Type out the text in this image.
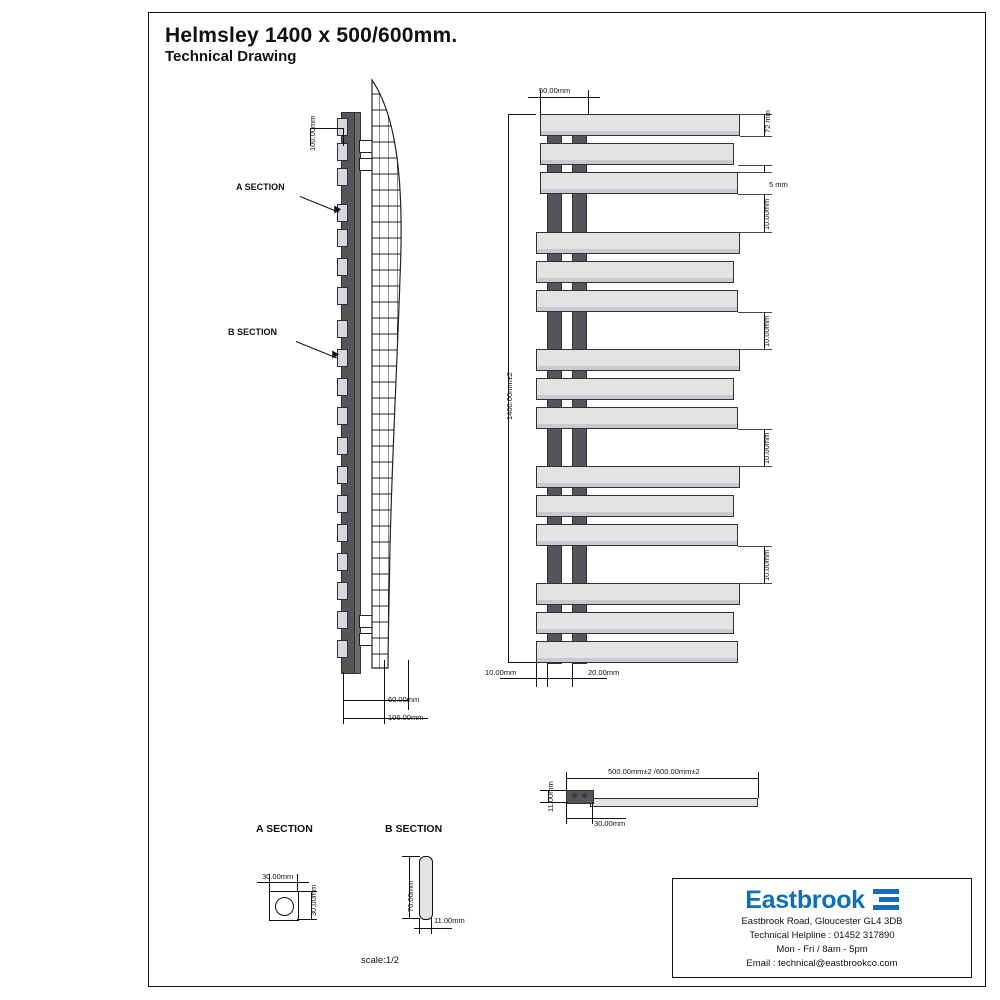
Helmsley 1400 x 500/600mm.
Technical Drawing
100.00mm
A SECTION
B SECTION
60.00mm
106.00mm
50.00mm
1400.00mm±2
72 mm
5 mm
10.00mm
10.00mm
10.00mm
10.00mm
10.00mm	20.00mm
500.00mm±2 /600.00mm±2
11.00mm
30.00mm
A SECTION	B SECTION
30.00mm
30.00mm	70.00mm
11.00mm
scale:1/2
Eastbrook
Eastbrook Road, Gloucester GL4 3DB
Technical Helpline : 01452 317890
Mon - Fri / 8am - 5pm
Email : technical@eastbrookco.com
